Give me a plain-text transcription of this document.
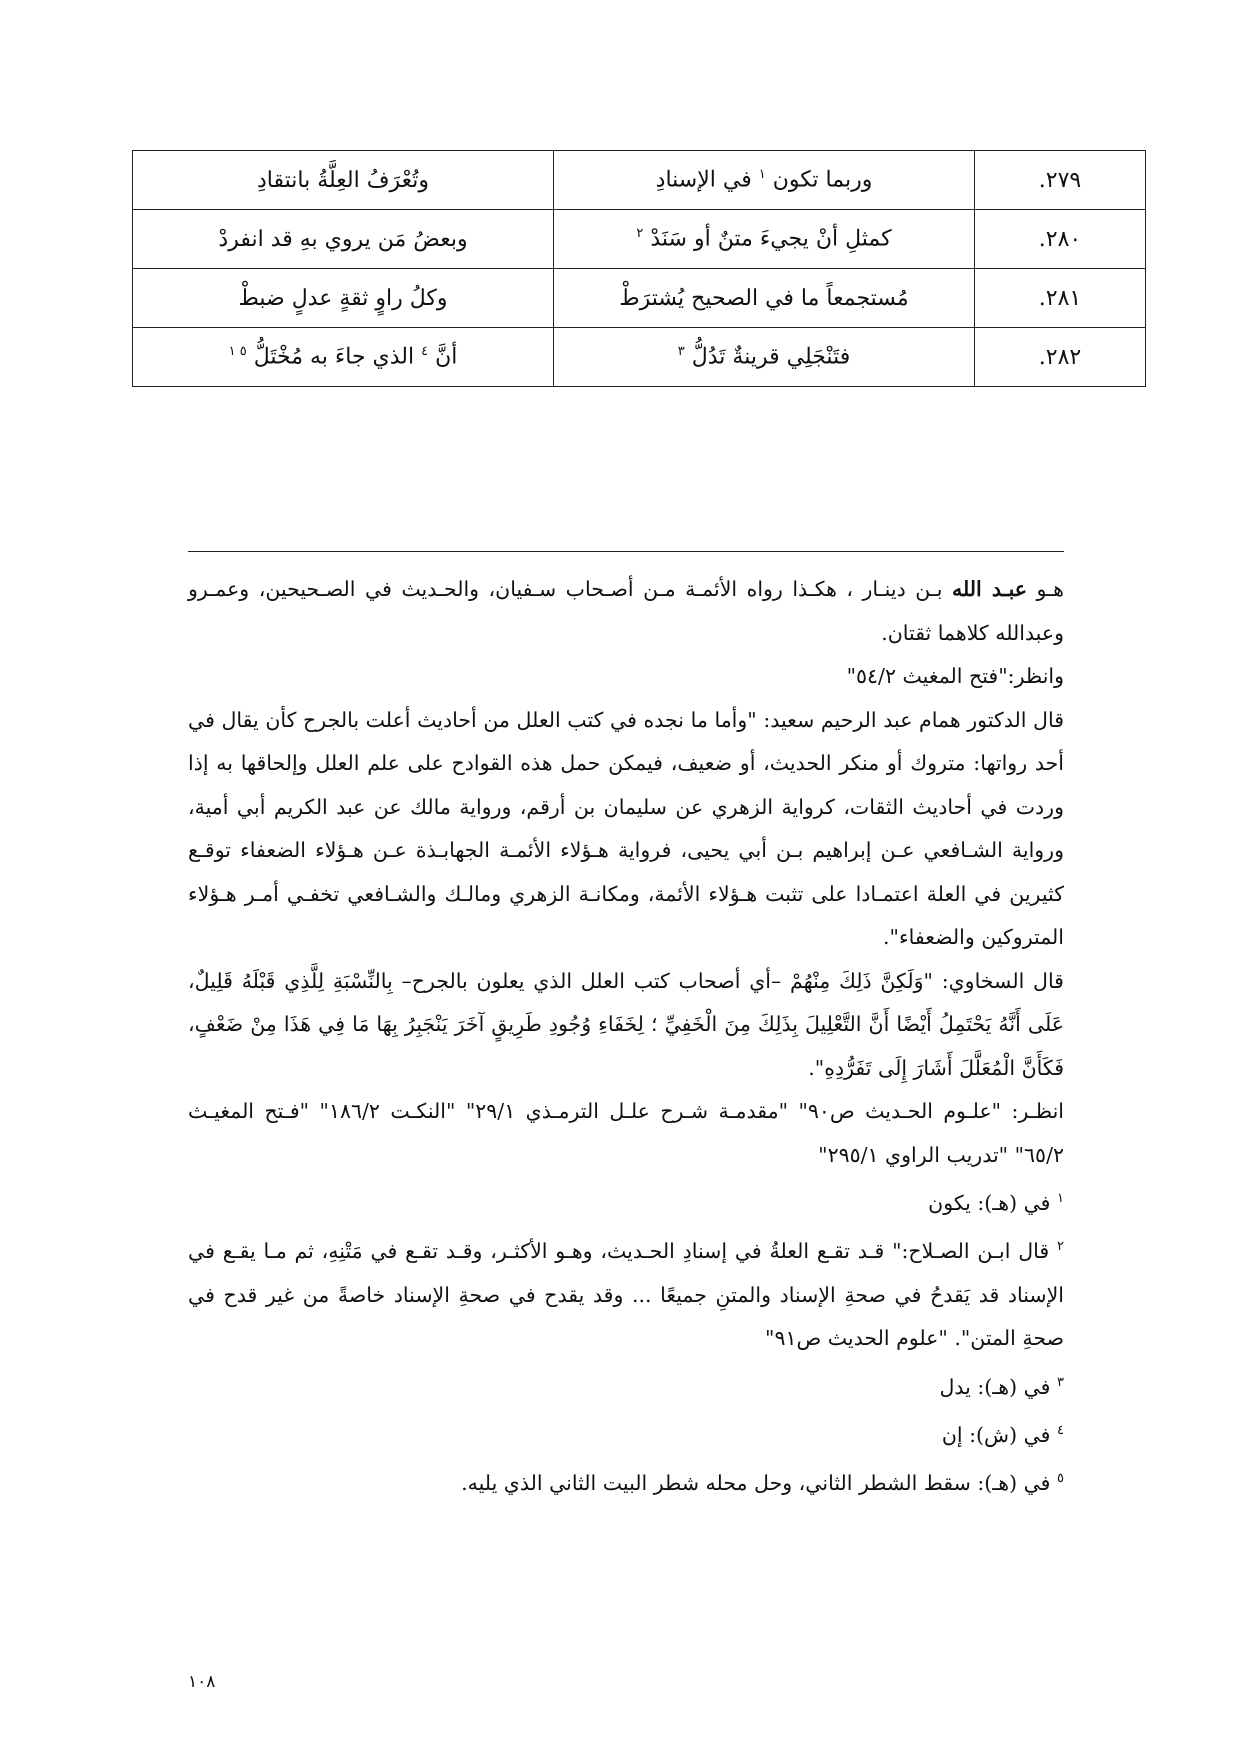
٢٧٩.	وربما تكون $^١$ في الإسنادِ	وتُعْرَفُ العِلَّةُ بانتقادِ
٢٨٠.	كمثلِ أنْ يجيءَ متنٌ أو سَنَدْ $^٢$	وبعضُ مَن يروي بهِ قد انفردْ
٢٨١.	مُستجمعاً ما في الصحيح يُشترَطْ	وكلُ راوٍ ثقةٍ عدلٍ ضبطْ
٢٨٢.	فتَنْجَلِي قرينةٌ تَدُلُّ $^٣$	أنَّ $^٤$ الذي جاءَ به مُخْتَلُّ $^{٥ ١}$

هـو عبـد الله بـن دينـار ، هكـذا رواه الأئمـة مـن أصـحاب سـفيان، والحـديث في الصـحيحين، وعمـرو وعبدالله كلاهما ثقتان.

وانظر:"فتح المغيث ٥٤/٢"

قال الدكتور همام عبد الرحيم سعيد: "وأما ما نجده في كتب العلل من أحاديث أعلت بالجرح كأن يقال في أحد رواتها: متروك أو منكر الحديث، أو ضعيف، فيمكن حمل هذه القوادح على علم العلل وإلحاقها به إذا وردت في أحاديث الثقات، كرواية الزهري عن سليمان بن أرقم، ورواية مالك عن عبد الكريم أبي أمية، ورواية الشـافعي عـن إبراهيم بـن أبي يحيى، فرواية هـؤلاء الأئمـة الجهابـذة عـن هـؤلاء الضعفاء توقـع كثيرين في العلة اعتمـادا على تثبت هـؤلاء الأئمة، ومكانـة الزهري ومالـك والشـافعي تخفـي أمـر هـؤلاء المتروكين والضعفاء".

قال السخاوي: "وَلَكِنَّ ذَلِكَ مِنْهُمْ –أي أصحاب كتب العلل الذي يعلون بالجرح– بِالنِّسْبَةِ لِلَّذِي قَبْلَهُ قَلِيلٌ، عَلَى أَنَّهُ يَحْتَمِلُ أَيْضًا أَنَّ التَّعْلِيلَ بِذَلِكَ مِنَ الْخَفِيِّ ؛ لِخَفَاءِ وُجُودِ طَرِيقٍ آخَرَ يَنْجَبِرُ بِهَا مَا فِي هَذَا مِنْ ضَعْفٍ، فَكَأَنَّ الْمُعَلَّلَ أَشَارَ إِلَى تَفَرُّدِهِ".

انظـر: "علـوم الحـديث ص٩٠" "مقدمـة شـرح علـل الترمـذي ٢٩/١" "النكـت ١٨٦/٢" "فـتح المغيـث ٦٥/٢" "تدريب الراوي ٢٩٥/١"

$^١$ في (هـ): يكون

$^٢$ قال ابـن الصـلاح:" قـد تقـع العلةُ في إسنادِ الحـديث، وهـو الأكثـر، وقـد تقـع في مَتْنِهِ، ثم مـا يقـع في الإسناد قد يَقدحُ في صحةِ الإسناد والمتنِ جميعًا ... وقد يقدح في صحةِ الإسناد خاصةً من غير قدح في صحةِ المتن". "علوم الحديث ص٩١"

$^٣$ في (هـ): يدل

$^٤$ في (ش): إن

$^٥$ في (هـ): سقط الشطر الثاني، وحل محله شطر البيت الثاني الذي يليه.

١٠٨
